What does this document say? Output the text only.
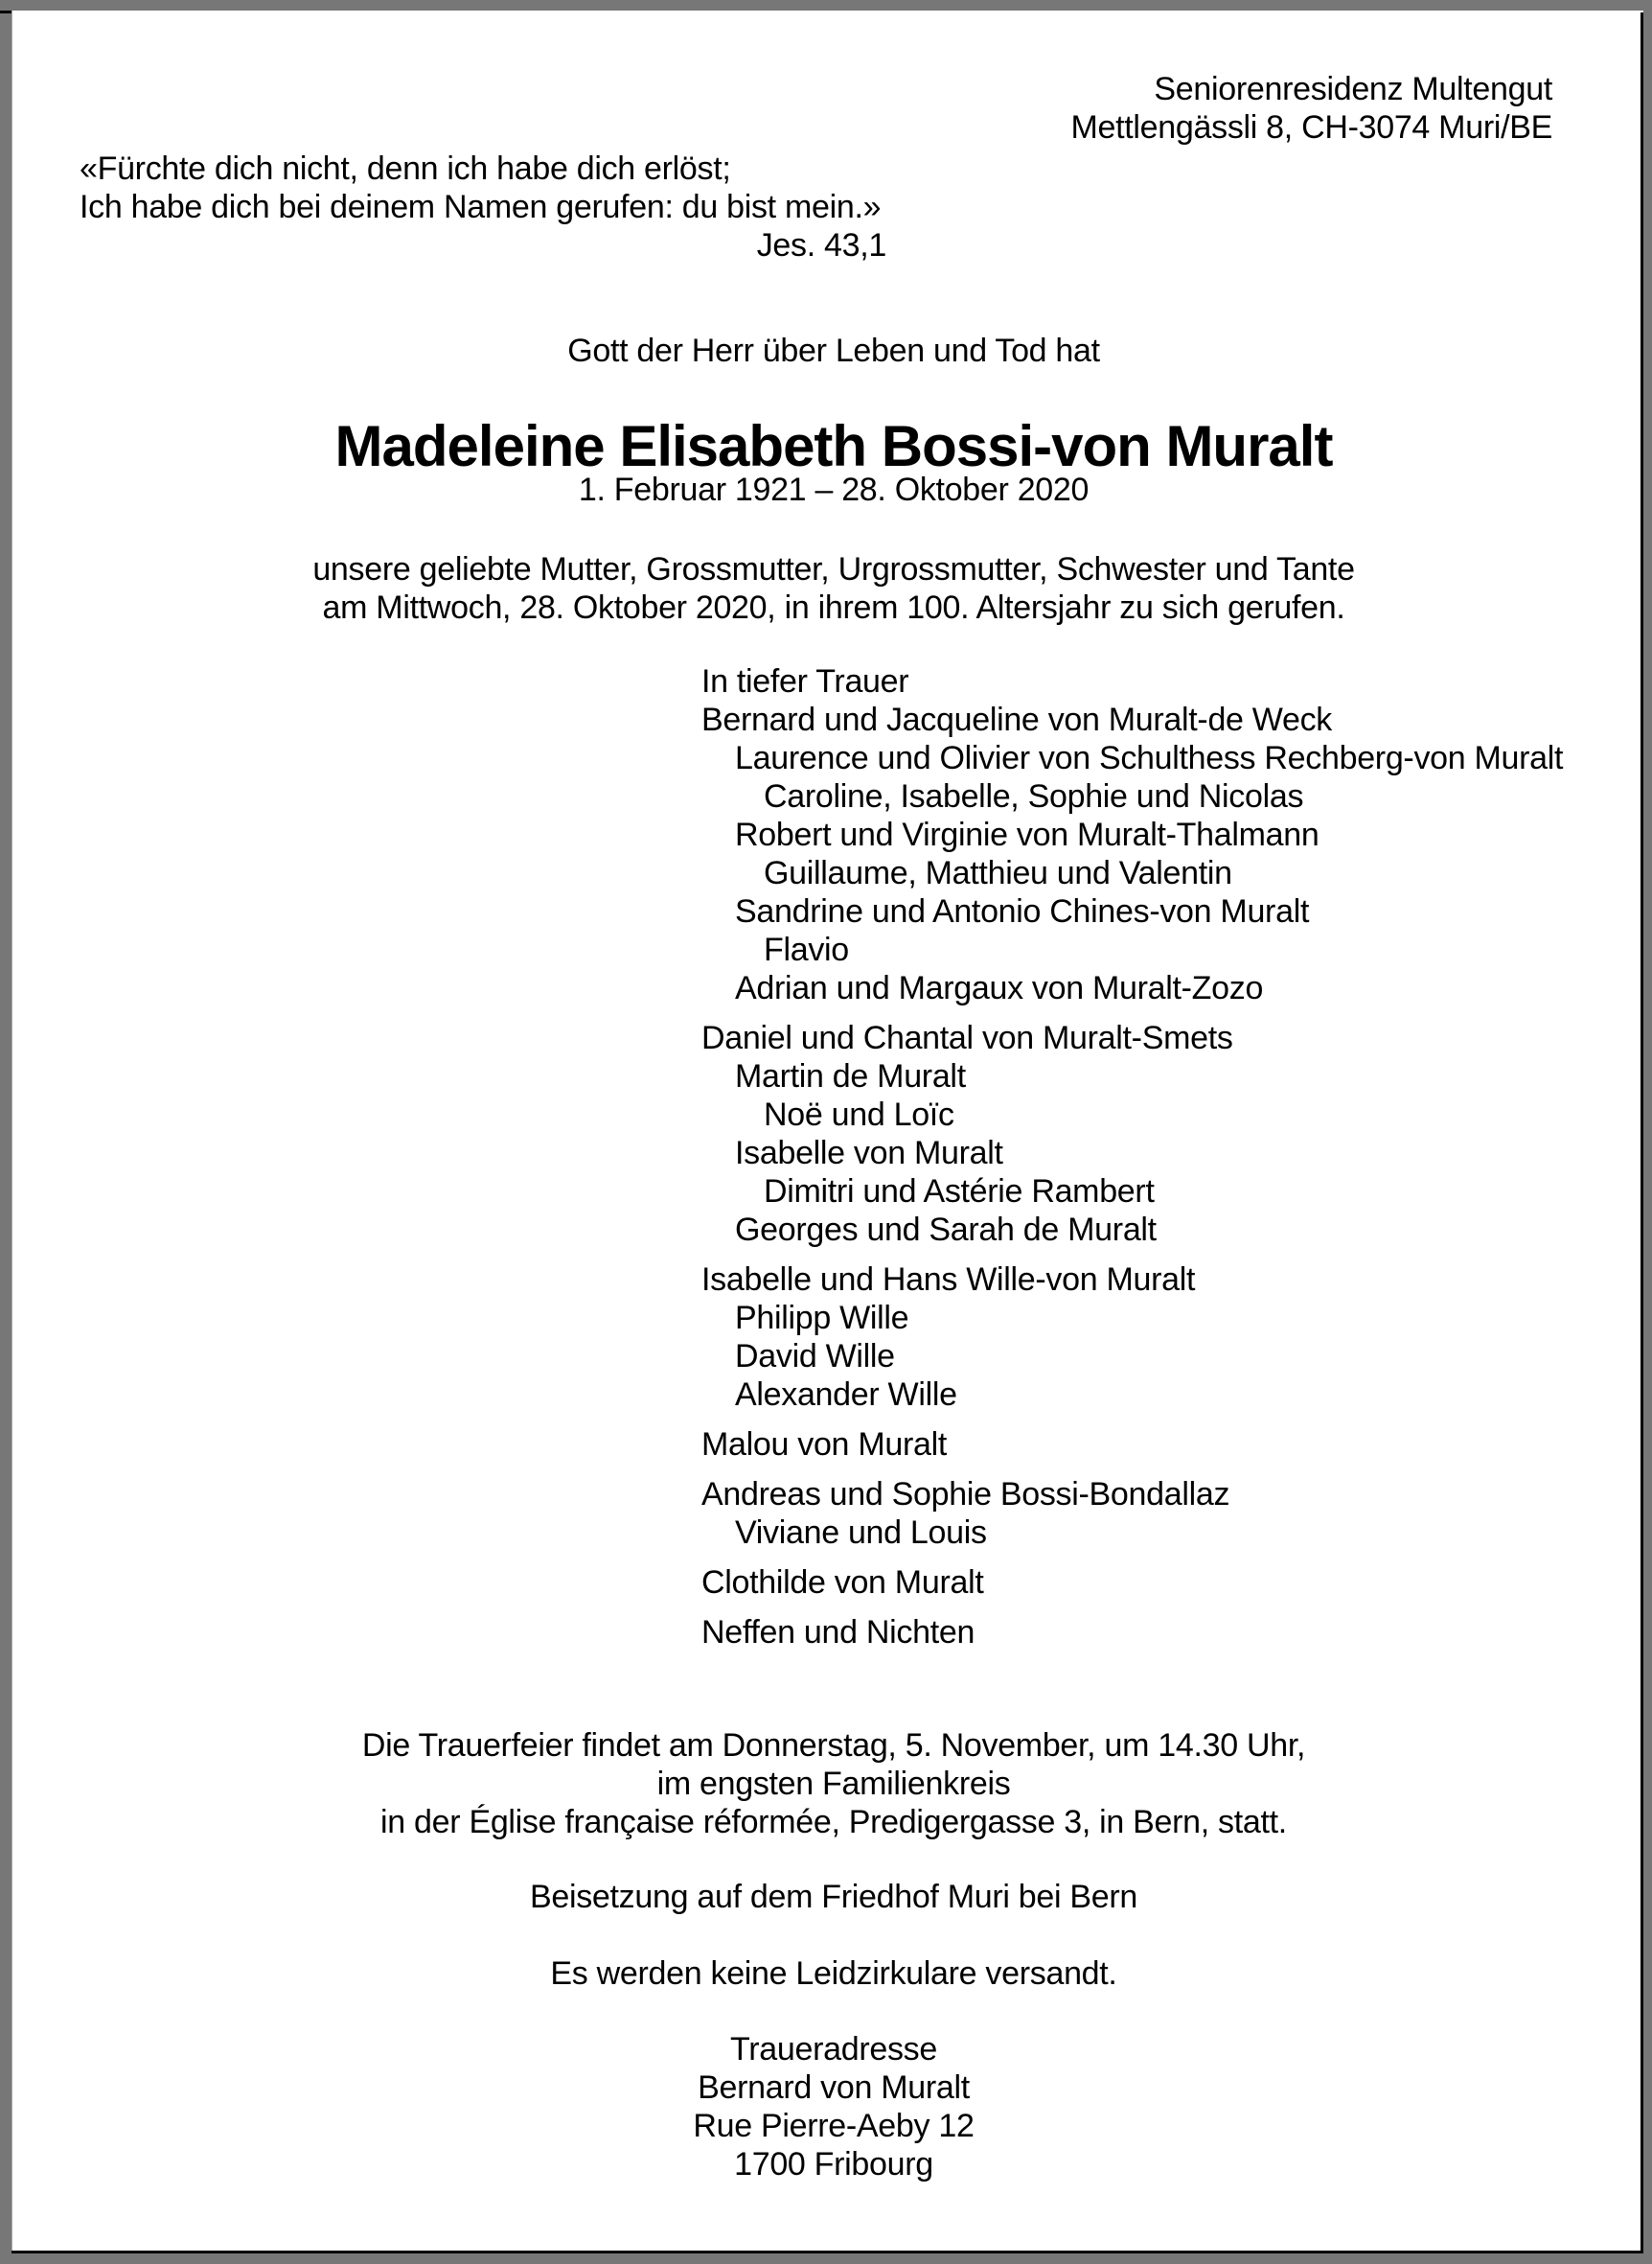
Seniorenresidenz Multengut
Mettlengässli 8, CH-3074 Muri/BE
«Fürchte dich nicht, denn ich habe dich erlöst;
Ich habe dich bei deinem Namen gerufen: du bist mein.»
Jes. 43,1
Gott der Herr über Leben und Tod hat
Madeleine Elisabeth Bossi-von Muralt
1. Februar 1921 – 28. Oktober 2020
unsere geliebte Mutter, Grossmutter, Urgrossmutter, Schwester und Tante
am Mittwoch, 28. Oktober 2020, in ihrem 100. Altersjahr zu sich gerufen.
In tiefer Trauer
Bernard und Jacqueline von Muralt-de Weck
Laurence und Olivier von Schulthess Rechberg-von Muralt
Caroline, Isabelle, Sophie und Nicolas
Robert und Virginie von Muralt-Thalmann
Guillaume, Matthieu und Valentin
Sandrine und Antonio Chines-von Muralt
Flavio
Adrian und Margaux von Muralt-Zozo
Daniel und Chantal von Muralt-Smets
Martin de Muralt
Noë und Loïc
Isabelle von Muralt
Dimitri und Astérie Rambert
Georges und Sarah de Muralt
Isabelle und Hans Wille-von Muralt
Philipp Wille
David Wille
Alexander Wille
Malou von Muralt
Andreas und Sophie Bossi-Bondallaz
Viviane und Louis
Clothilde von Muralt
Neffen und Nichten
Die Trauerfeier findet am Donnerstag, 5. November, um 14.30 Uhr,
im engsten Familienkreis
in der Église française réformée, Predigergasse 3, in Bern, statt.
Beisetzung auf dem Friedhof Muri bei Bern
Es werden keine Leidzirkulare versandt.
Traueradresse
Bernard von Muralt
Rue Pierre-Aeby 12
1700 Fribourg
